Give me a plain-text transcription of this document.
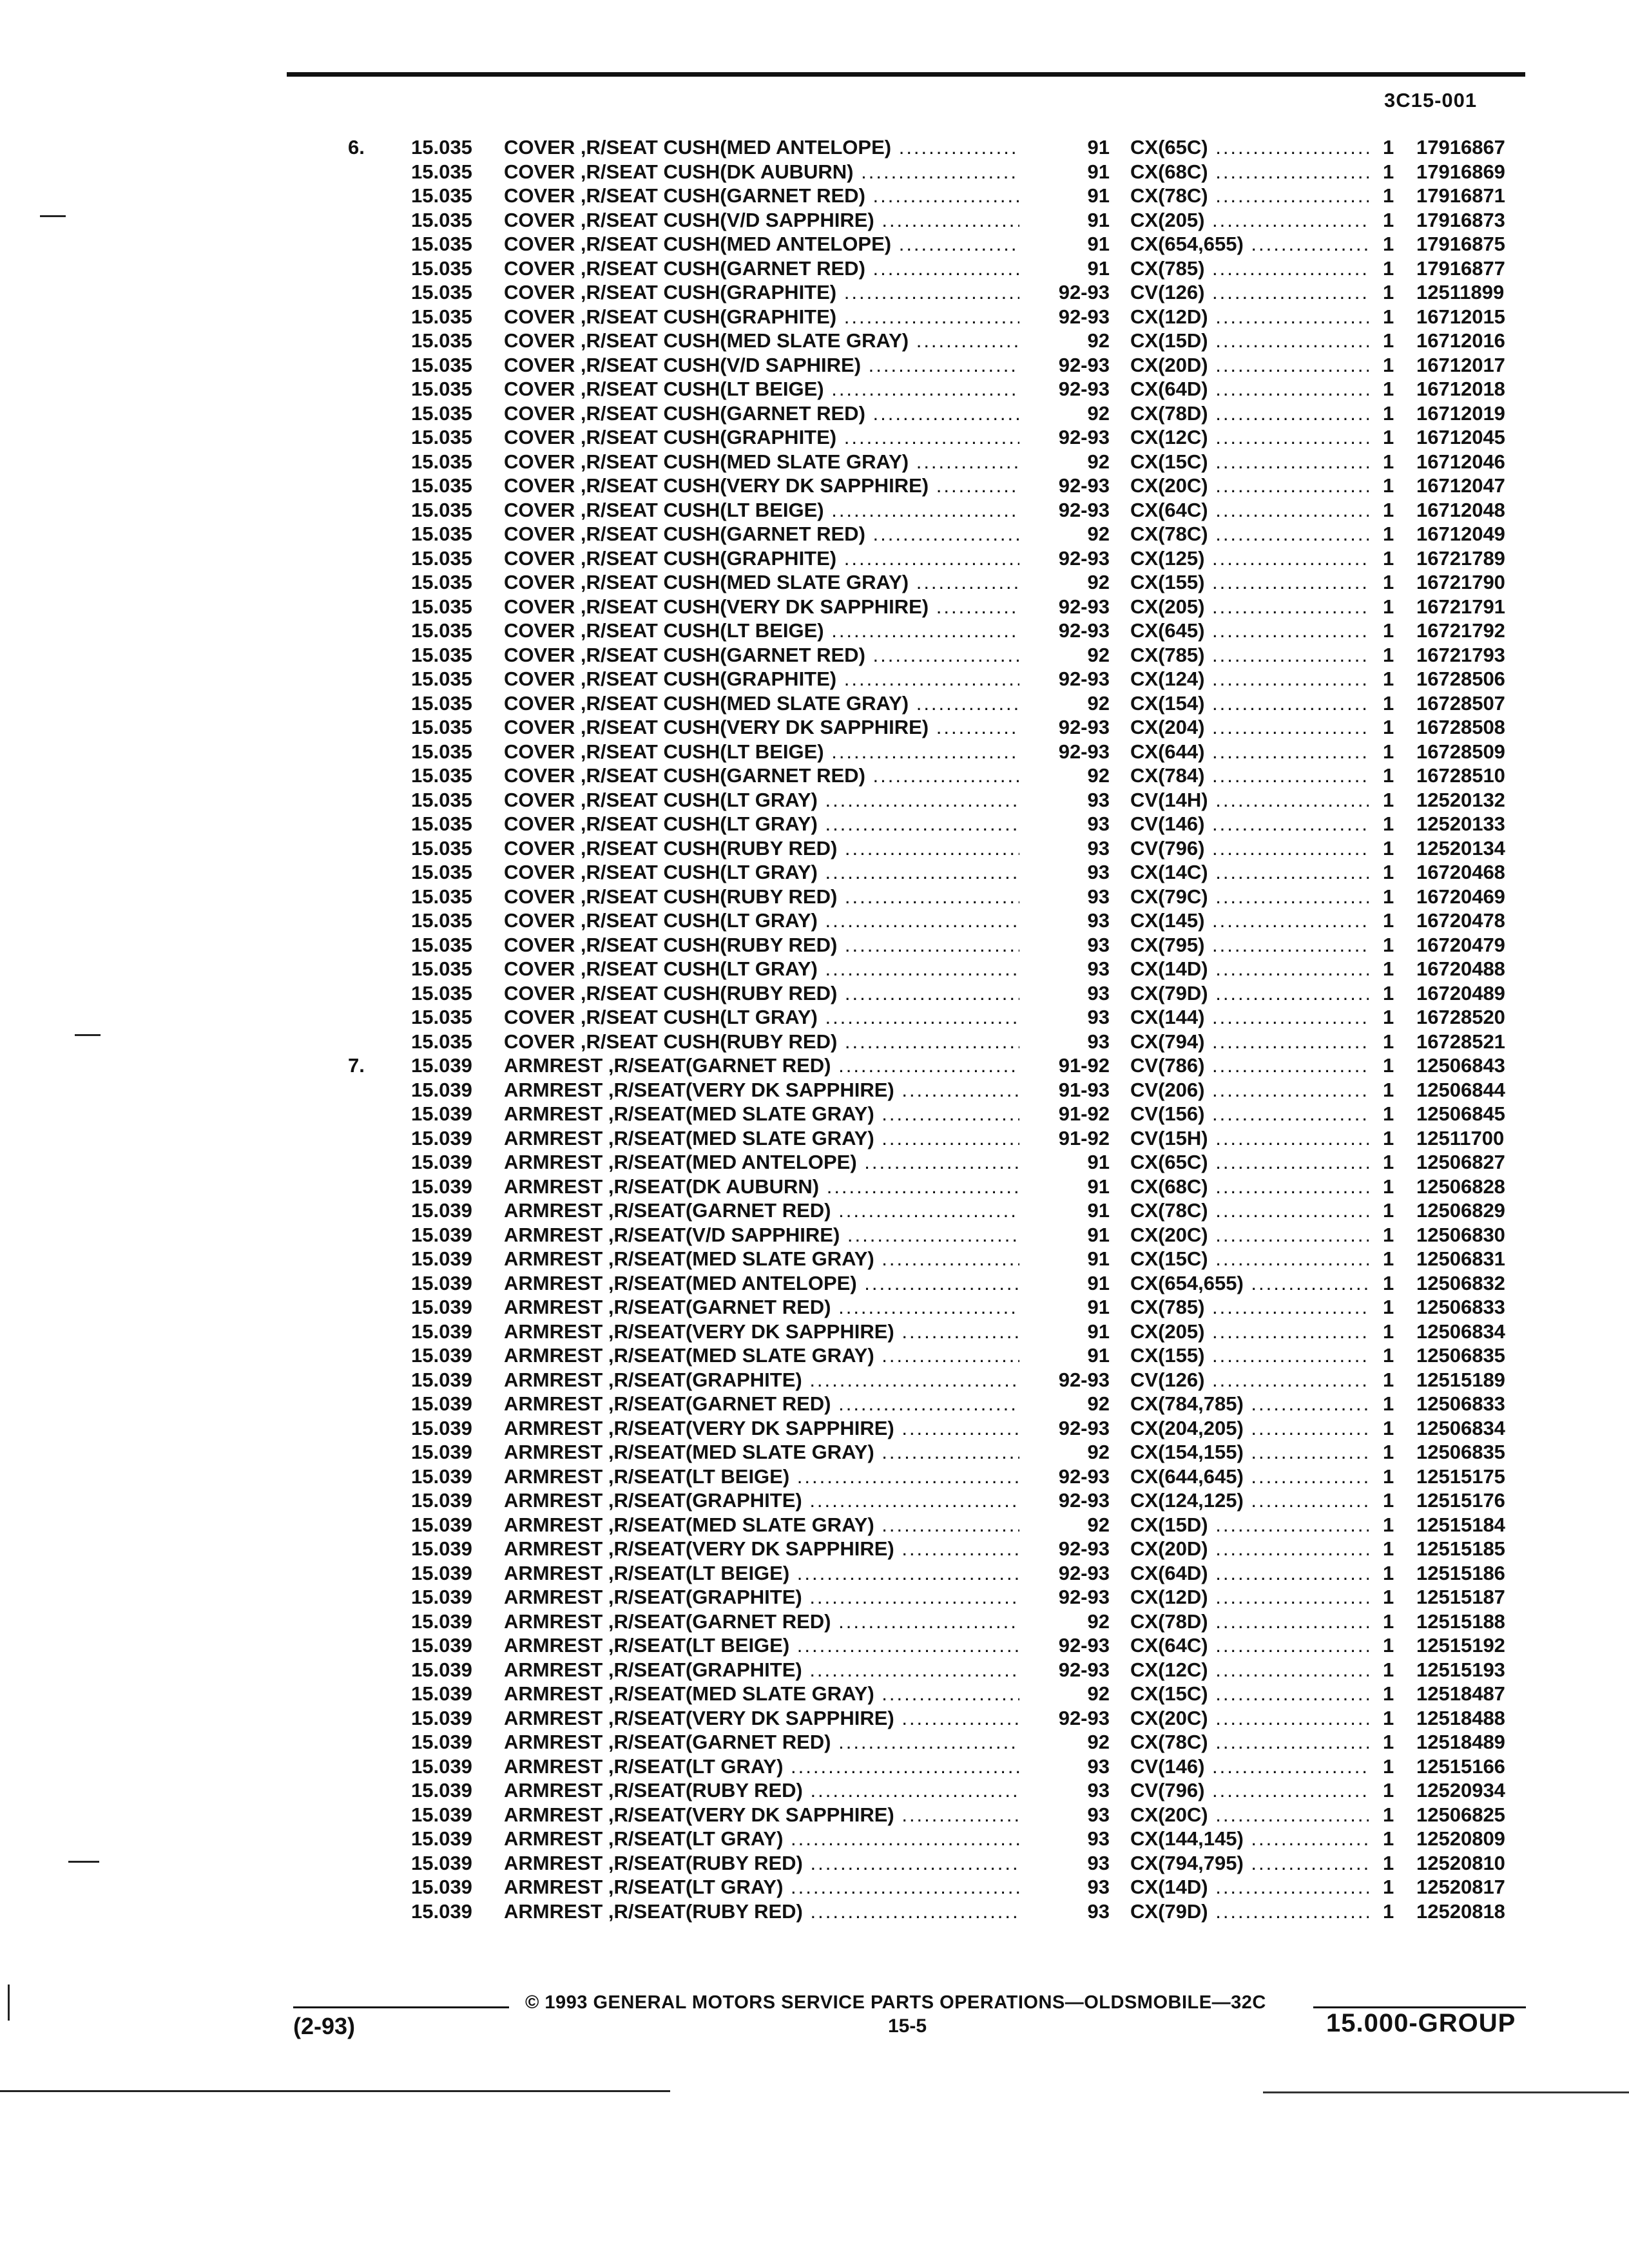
3C15-001
6. 15.035 COVER ,R/SEAT CUSH(MED ANTELOPE) .....	91 CX(65C) .....	1 17916867
15.035 COVER ,R/SEAT CUSH(DK AUBURN) .....	91 CX(68C) .....	1 17916869
15.035 COVER ,R/SEAT CUSH(GARNET RED) .....	91 CX(78C) .....	1 17916871
15.035 COVER ,R/SEAT CUSH(V/D SAPPHIRE) .....	91 CX(205) .....	1 17916873
15.035 COVER ,R/SEAT CUSH(MED ANTELOPE) .....	91 CX(654,655) .....	1 17916875
15.035 COVER ,R/SEAT CUSH(GARNET RED) .....	91 CX(785) .....	1 17916877
15.035 COVER ,R/SEAT CUSH(GRAPHITE) .....	92-93 CV(126) .....	1 12511899
15.035 COVER ,R/SEAT CUSH(GRAPHITE) .....	92-93 CX(12D) .....	1 16712015
15.035 COVER ,R/SEAT CUSH(MED SLATE GRAY) .....	92 CX(15D) .....	1 16712016
15.035 COVER ,R/SEAT CUSH(V/D SAPHIRE) .....	92-93 CX(20D) .....	1 16712017
15.035 COVER ,R/SEAT CUSH(LT BEIGE) .....	92-93 CX(64D) .....	1 16712018
15.035 COVER ,R/SEAT CUSH(GARNET RED) .....	92 CX(78D) .....	1 16712019
15.035 COVER ,R/SEAT CUSH(GRAPHITE) .....	92-93 CX(12C) .....	1 16712045
15.035 COVER ,R/SEAT CUSH(MED SLATE GRAY) .....	92 CX(15C) .....	1 16712046
15.035 COVER ,R/SEAT CUSH(VERY DK SAPPHIRE) .....	92-93 CX(20C) .....	1 16712047
15.035 COVER ,R/SEAT CUSH(LT BEIGE) .....	92-93 CX(64C) .....	1 16712048
15.035 COVER ,R/SEAT CUSH(GARNET RED) .....	92 CX(78C) .....	1 16712049
15.035 COVER ,R/SEAT CUSH(GRAPHITE) .....	92-93 CX(125) .....	1 16721789
15.035 COVER ,R/SEAT CUSH(MED SLATE GRAY) .....	92 CX(155) .....	1 16721790
15.035 COVER ,R/SEAT CUSH(VERY DK SAPPHIRE) .....	92-93 CX(205) .....	1 16721791
15.035 COVER ,R/SEAT CUSH(LT BEIGE) .....	92-93 CX(645) .....	1 16721792
15.035 COVER ,R/SEAT CUSH(GARNET RED) .....	92 CX(785) .....	1 16721793
15.035 COVER ,R/SEAT CUSH(GRAPHITE) .....	92-93 CX(124) .....	1 16728506
15.035 COVER ,R/SEAT CUSH(MED SLATE GRAY) .....	92 CX(154) .....	1 16728507
15.035 COVER ,R/SEAT CUSH(VERY DK SAPPHIRE) .....	92-93 CX(204) .....	1 16728508
15.035 COVER ,R/SEAT CUSH(LT BEIGE) .....	92-93 CX(644) .....	1 16728509
15.035 COVER ,R/SEAT CUSH(GARNET RED) .....	92 CX(784) .....	1 16728510
15.035 COVER ,R/SEAT CUSH(LT GRAY) .....	93 CV(14H) .....	1 12520132
15.035 COVER ,R/SEAT CUSH(LT GRAY) .....	93 CV(146) .....	1 12520133
15.035 COVER ,R/SEAT CUSH(RUBY RED) .....	93 CV(796) .....	1 12520134
15.035 COVER ,R/SEAT CUSH(LT GRAY) .....	93 CX(14C) .....	1 16720468
15.035 COVER ,R/SEAT CUSH(RUBY RED) .....	93 CX(79C) .....	1 16720469
15.035 COVER ,R/SEAT CUSH(LT GRAY) .....	93 CX(145) .....	1 16720478
15.035 COVER ,R/SEAT CUSH(RUBY RED) .....	93 CX(795) .....	1 16720479
15.035 COVER ,R/SEAT CUSH(LT GRAY) .....	93 CX(14D) .....	1 16720488
15.035 COVER ,R/SEAT CUSH(RUBY RED) .....	93 CX(79D) .....	1 16720489
15.035 COVER ,R/SEAT CUSH(LT GRAY) .....	93 CX(144) .....	1 16728520
15.035 COVER ,R/SEAT CUSH(RUBY RED) .....	93 CX(794) .....	1 16728521
7. 15.039 ARMREST ,R/SEAT(GARNET RED) .....	91-92 CV(786) .....	1 12506843
15.039 ARMREST ,R/SEAT(VERY DK SAPPHIRE) .....	91-93 CV(206) .....	1 12506844
15.039 ARMREST ,R/SEAT(MED SLATE GRAY) .....	91-92 CV(156) .....	1 12506845
15.039 ARMREST ,R/SEAT(MED SLATE GRAY) .....	91-92 CV(15H) .....	1 12511700
15.039 ARMREST ,R/SEAT(MED ANTELOPE) .....	91 CX(65C) .....	1 12506827
15.039 ARMREST ,R/SEAT(DK AUBURN) .....	91 CX(68C) .....	1 12506828
15.039 ARMREST ,R/SEAT(GARNET RED) .....	91 CX(78C) .....	1 12506829
15.039 ARMREST ,R/SEAT(V/D SAPPHIRE) .....	91 CX(20C) .....	1 12506830
15.039 ARMREST ,R/SEAT(MED SLATE GRAY) .....	91 CX(15C) .....	1 12506831
15.039 ARMREST ,R/SEAT(MED ANTELOPE) .....	91 CX(654,655) .....	1 12506832
15.039 ARMREST ,R/SEAT(GARNET RED) .....	91 CX(785) .....	1 12506833
15.039 ARMREST ,R/SEAT(VERY DK SAPPHIRE) .....	91 CX(205) .....	1 12506834
15.039 ARMREST ,R/SEAT(MED SLATE GRAY) .....	91 CX(155) .....	1 12506835
15.039 ARMREST ,R/SEAT(GRAPHITE) .....	92-93 CV(126) .....	1 12515189
15.039 ARMREST ,R/SEAT(GARNET RED) .....	92 CX(784,785) .....	1 12506833
15.039 ARMREST ,R/SEAT(VERY DK SAPPHIRE) .....	92-93 CX(204,205) .....	1 12506834
15.039 ARMREST ,R/SEAT(MED SLATE GRAY) .....	92 CX(154,155) .....	1 12506835
15.039 ARMREST ,R/SEAT(LT BEIGE) .....	92-93 CX(644,645) .....	1 12515175
15.039 ARMREST ,R/SEAT(GRAPHITE) .....	92-93 CX(124,125) .....	1 12515176
15.039 ARMREST ,R/SEAT(MED SLATE GRAY) .....	92 CX(15D) .....	1 12515184
15.039 ARMREST ,R/SEAT(VERY DK SAPPHIRE) .....	92-93 CX(20D) .....	1 12515185
15.039 ARMREST ,R/SEAT(LT BEIGE) .....	92-93 CX(64D) .....	1 12515186
15.039 ARMREST ,R/SEAT(GRAPHITE) .....	92-93 CX(12D) .....	1 12515187
15.039 ARMREST ,R/SEAT(GARNET RED) .....	92 CX(78D) .....	1 12515188
15.039 ARMREST ,R/SEAT(LT BEIGE) .....	92-93 CX(64C) .....	1 12515192
15.039 ARMREST ,R/SEAT(GRAPHITE) .....	92-93 CX(12C) .....	1 12515193
15.039 ARMREST ,R/SEAT(MED SLATE GRAY) .....	92 CX(15C) .....	1 12518487
15.039 ARMREST ,R/SEAT(VERY DK SAPPHIRE) .....	92-93 CX(20C) .....	1 12518488
15.039 ARMREST ,R/SEAT(GARNET RED) .....	92 CX(78C) .....	1 12518489
15.039 ARMREST ,R/SEAT(LT GRAY) .....	93 CV(146) .....	1 12515166
15.039 ARMREST ,R/SEAT(RUBY RED) .....	93 CV(796) .....	1 12520934
15.039 ARMREST ,R/SEAT(VERY DK SAPPHIRE) .....	93 CX(20C) .....	1 12506825
15.039 ARMREST ,R/SEAT(LT GRAY) .....	93 CX(144,145) .....	1 12520809
15.039 ARMREST ,R/SEAT(RUBY RED) .....	93 CX(794,795) .....	1 12520810
15.039 ARMREST ,R/SEAT(LT GRAY) .....	93 CX(14D) .....	1 12520817
15.039 ARMREST ,R/SEAT(RUBY RED) .....	93 CX(79D) .....	1 12520818
© 1993 GENERAL MOTORS SERVICE PARTS OPERATIONS—OLDSMOBILE—32C
(2-93)	15-5	15.000-GROUP
